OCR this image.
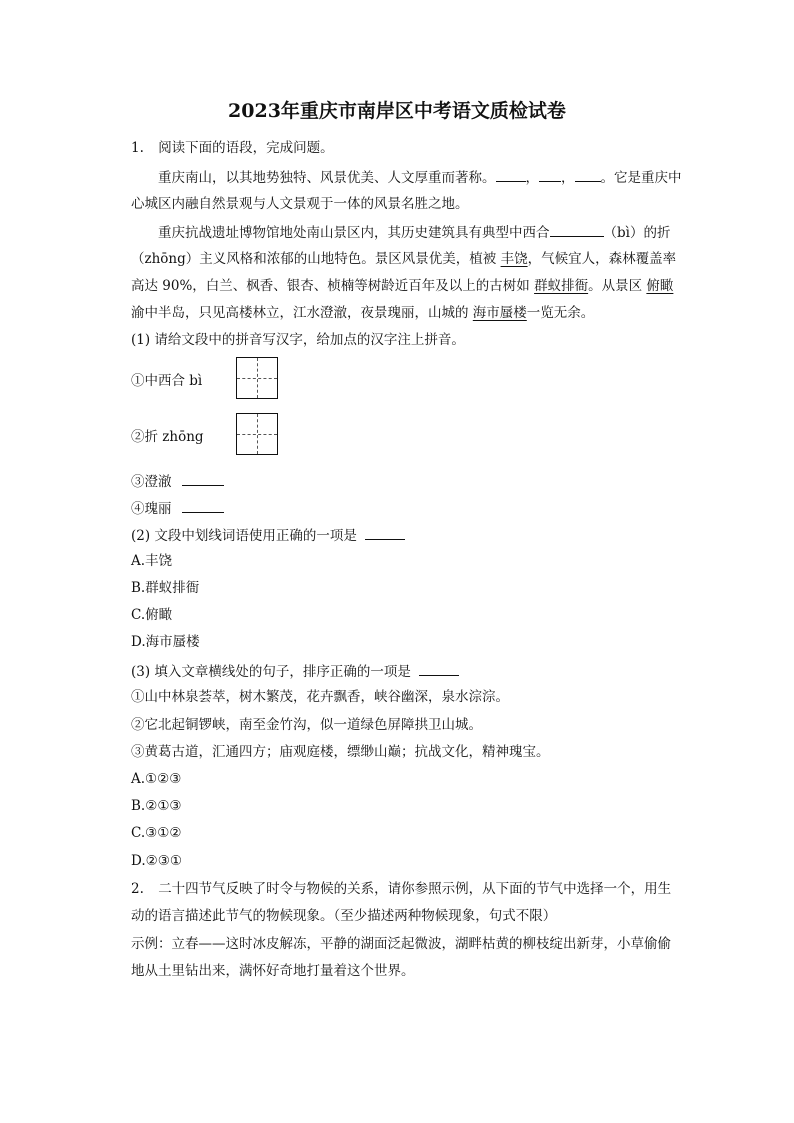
2023年重庆市南岸区中考语文质检试卷
1. 阅读下面的语段，完成问题。
重庆南山，以其地势独特、风景优美、人文厚重而著称。 ， ， 。它是重庆中
心城区内融自然景观与人文景观于一体的风景名胜之地。
重庆抗战遗址博物馆地处南山景区内，其历史建筑具有典型中西合	（bì）的折
（zhōng）主义风格和浓郁的山地特色。景区风景优美，植被 丰饶，气候宜人，森林覆盖率
高达 90%，白兰、枫香、银杏、桢楠等树龄近百年及以上的古树如 群蚁排衙。从景区 俯瞰
渝中半岛，只见高楼林立，江水澄澈，夜景瑰丽，山城的 海市蜃楼一览无余。
(1) 请给文段中的拼音写汉字，给加点的汉字注上拼音。
①中西合 bì
②折 zhōng
③澄澈
④瑰丽
(2) 文段中划线词语使用正确的一项是
A.丰饶
B.群蚁排衙
C.俯瞰
D.海市蜃楼
(3) 填入文章横线处的句子，排序正确的一项是
①山中林泉荟萃，树木繁茂，花卉飘香，峡谷幽深，泉水淙淙。
②它北起铜锣峡，南至金竹沟，似一道绿色屏障拱卫山城。
③黄葛古道，汇通四方；庙观庭楼，缥缈山巅；抗战文化，精神瑰宝。
A.①②③
B.②①③
C.③①②
D.②③①
2. 二十四节气反映了时令与物候的关系，请你参照示例，从下面的节气中选择一个，用生
动的语言描述此节气的物候现象。（至少描述两种物候现象，句式不限）
示例：立春——这时冰皮解冻，平静的湖面泛起微波，湖畔枯黄的柳枝绽出新芽，小草偷偷
地从土里钻出来，满怀好奇地打量着这个世界。
